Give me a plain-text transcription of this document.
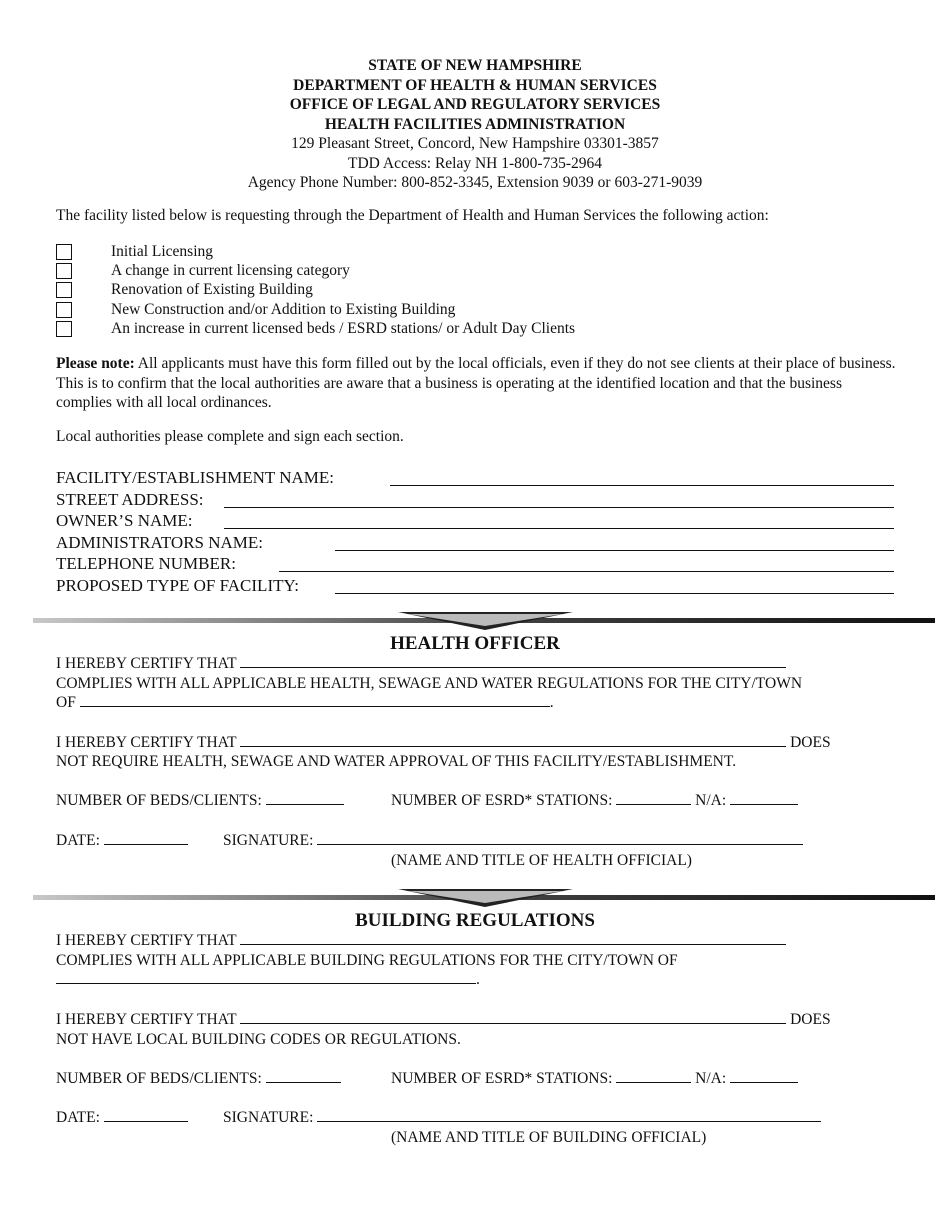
STATE OF NEW HAMPSHIRE
DEPARTMENT OF HEALTH & HUMAN SERVICES
OFFICE OF LEGAL AND REGULATORY SERVICES
HEALTH FACILITIES ADMINISTRATION
129 Pleasant Street, Concord, New Hampshire 03301-3857
TDD Access: Relay NH 1-800-735-2964
Agency Phone Number: 800-852-3345, Extension 9039 or 603-271-9039
The facility listed below is requesting through the Department of Health and Human Services the following action:
Initial Licensing
A change in current licensing category
Renovation of Existing Building
New Construction and/or Addition to Existing Building
An increase in current licensed beds / ESRD stations/ or Adult Day Clients
Please note: All applicants must have this form filled out by the local officials, even if they do not see clients at their place of business. This is to confirm that the local authorities are aware that a business is operating at the identified location and that the business complies with all local ordinances.
Local authorities please complete and sign each section.
FACILITY/ESTABLISHMENT NAME:
STREET ADDRESS:
OWNER’S NAME:
ADMINISTRATORS NAME:
TELEPHONE NUMBER:
PROPOSED TYPE OF FACILITY:
HEALTH OFFICER
I HEREBY CERTIFY THAT
COMPLIES WITH ALL APPLICABLE HEALTH, SEWAGE AND WATER REGULATIONS FOR THE CITY/TOWN
OF	.
I HEREBY CERTIFY THAT	DOES
NOT REQUIRE HEALTH, SEWAGE AND WATER APPROVAL OF THIS FACILITY/ESTABLISHMENT.
NUMBER OF BEDS/CLIENTS:	NUMBER OF ESRD* STATIONS:	N/A:
DATE:	SIGNATURE:
(NAME AND TITLE OF HEALTH OFFICIAL)
BUILDING REGULATIONS
I HEREBY CERTIFY THAT
COMPLIES WITH ALL APPLICABLE BUILDING REGULATIONS FOR THE CITY/TOWN OF
.
I HEREBY CERTIFY THAT	DOES
NOT HAVE LOCAL BUILDING CODES OR REGULATIONS.
NUMBER OF BEDS/CLIENTS:	NUMBER OF ESRD* STATIONS:	N/A:
DATE:	SIGNATURE:
(NAME AND TITLE OF BUILDING OFFICIAL)
